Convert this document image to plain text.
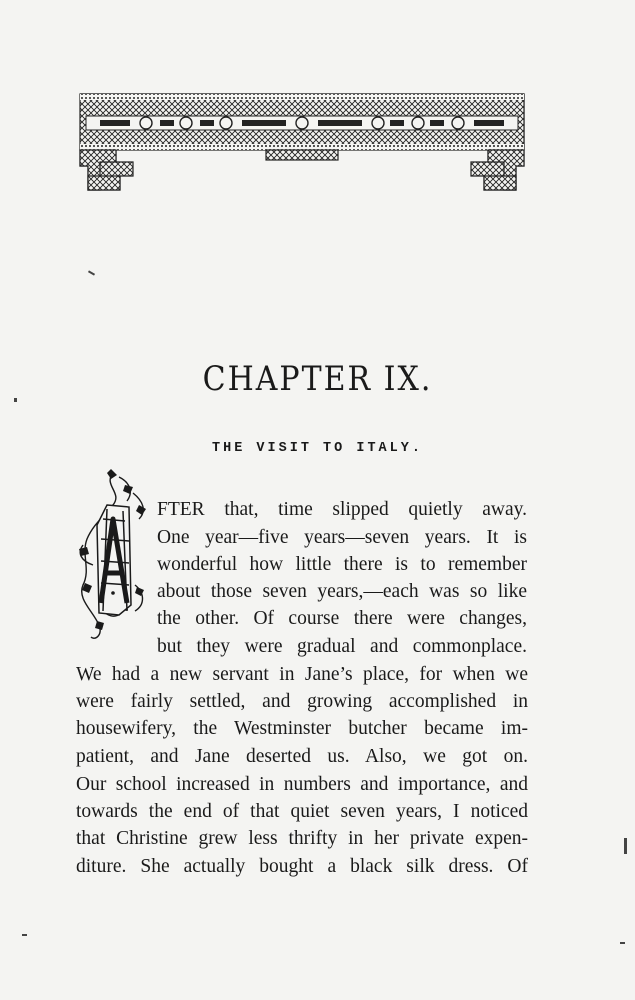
CHAPTER IX.
THE VISIT TO ITALY.
FTER that, time slipped quietly away.
One year—five years—seven years. It is
wonderful how little there is to remember
about those seven years,—each was so like
the other. Of course there were changes,
but they were gradual and commonplace.
We had a new servant in Jane’s place, for when we
were fairly settled, and growing accomplished in
housewifery, the Westminster butcher became im-
patient, and Jane deserted us. Also, we got on.
Our school increased in numbers and importance, and
towards the end of that quiet seven years, I noticed
that Christine grew less thrifty in her private expen-
diture. She actually bought a black silk dress. Of
